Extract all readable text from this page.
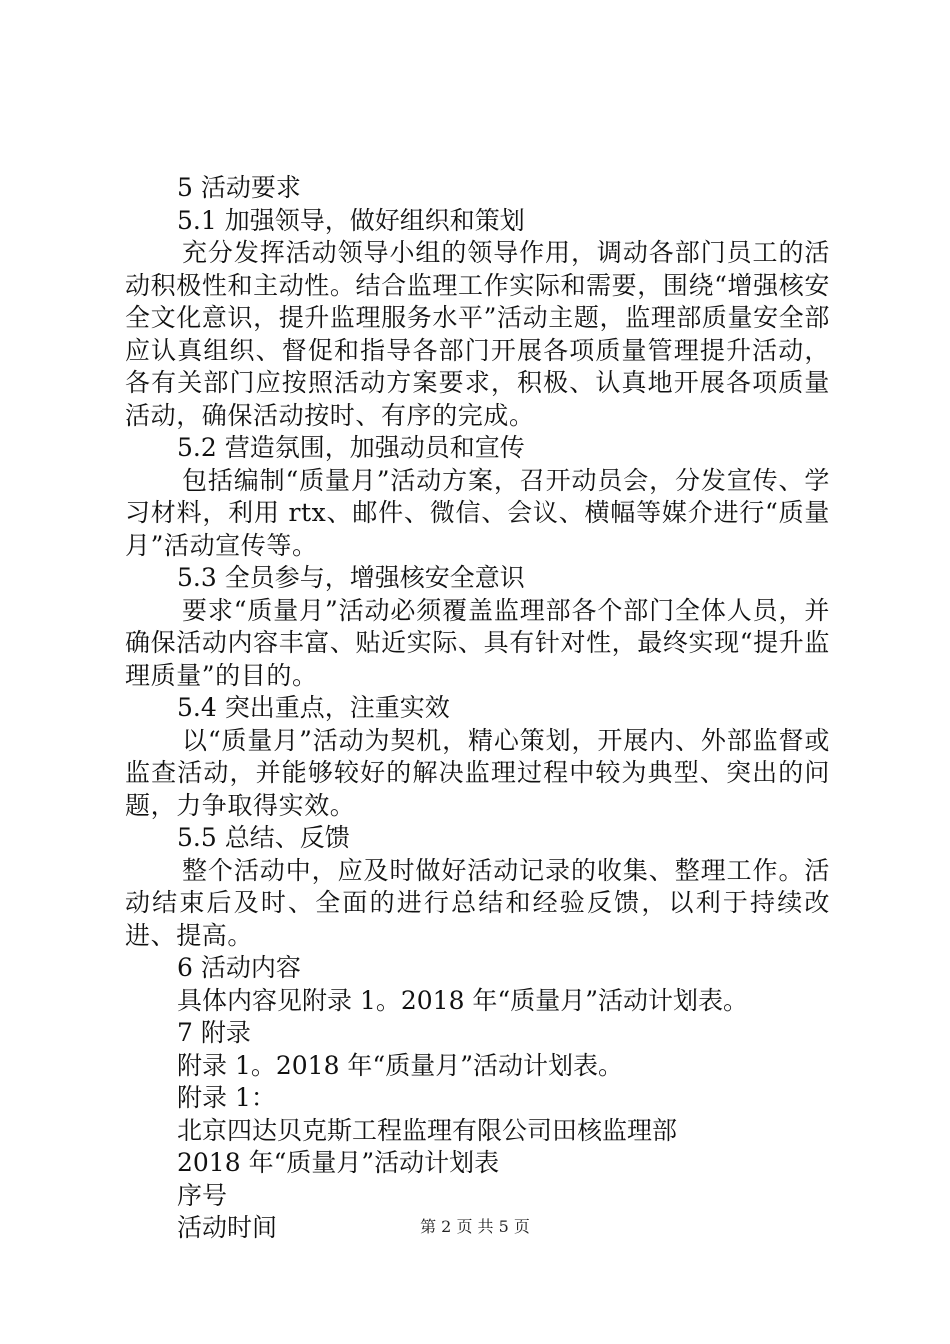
5 活动要求
5.1 加强领导，做好组织和策划
充分发挥活动领导小组的领导作用，调动各部门员工的活动积极性和主动性。结合监理工作实际和需要，围绕“增强核安全文化意识，提升监理服务水平”活动主题，监理部质量安全部应认真组织、督促和指导各部门开展各项质量管理提升活动，各有关部门应按照活动方案要求，积极、认真地开展各项质量活动，确保活动按时、有序的完成。
5.2 营造氛围，加强动员和宣传
包括编制“质量月”活动方案，召开动员会，分发宣传、学习材料，利用 rtx、邮件、微信、会议、横幅等媒介进行“质量月”活动宣传等。
5.3 全员参与，增强核安全意识
要求“质量月”活动必须覆盖监理部各个部门全体人员，并确保活动内容丰富、贴近实际、具有针对性，最终实现“提升监理质量”的目的。
5.4 突出重点，注重实效
以“质量月”活动为契机，精心策划，开展内、外部监督或监查活动，并能够较好的解决监理过程中较为典型、突出的问题，力争取得实效。
5.5 总结、反馈
整个活动中，应及时做好活动记录的收集、整理工作。活动结束后及时、全面的进行总结和经验反馈，以利于持续改进、提高。
6 活动内容
具体内容见附录 1。2018 年“质量月”活动计划表。
7 附录
附录 1。2018 年“质量月”活动计划表。
附录 1：
北京四达贝克斯工程监理有限公司田核监理部
2018 年“质量月”活动计划表
序号
活动时间	第 2 页 共 5 页
